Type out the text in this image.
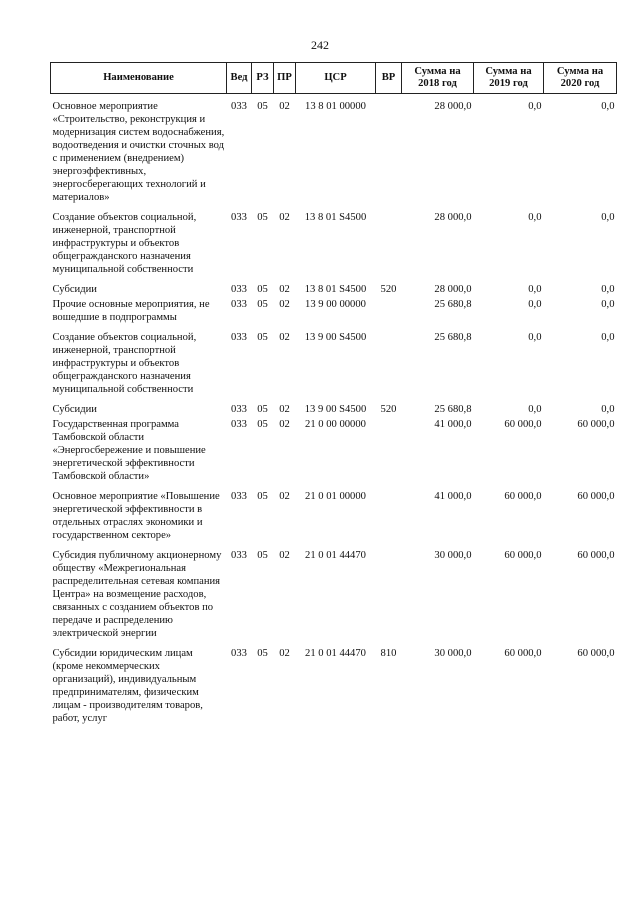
242
Наименование	Вед	РЗ	ПР	ЦСР	ВР	Сумма на 2018 год	Сумма на 2019 год	Сумма на 2020 год
Основное мероприятие «Строительство, реконструкция и модернизация систем водоснабжения, водоотведения и очистки сточных вод с применением (внедрением) энергоэффективных, энергосберегающих технологий и материалов»	033	05	02	13 8 01 00000		28 000,0	0,0	0,0
Создание объектов социальной, инженерной, транспортной инфраструктуры и объектов общегражданского назначения муниципальной собственности	033	05	02	13 8 01 S4500		28 000,0	0,0	0,0
Субсидии	033	05	02	13 8 01 S4500	520	28 000,0	0,0	0,0
Прочие основные мероприятия, не вошедшие в подпрограммы	033	05	02	13 9 00 00000		25 680,8	0,0	0,0
Создание объектов социальной, инженерной, транспортной инфраструктуры и объектов общегражданского назначения муниципальной собственности	033	05	02	13 9 00 S4500		25 680,8	0,0	0,0
Субсидии	033	05	02	13 9 00 S4500	520	25 680,8	0,0	0,0
Государственная программа Тамбовской области «Энергосбережение и повышение энергетической эффективности Тамбовской области»	033	05	02	21 0 00 00000		41 000,0	60 000,0	60 000,0
Основное мероприятие «Повышение энергетической эффективности в отдельных отраслях экономики и государственном секторе»	033	05	02	21 0 01 00000		41 000,0	60 000,0	60 000,0
Субсидия публичному акционерному обществу «Межрегиональная распределительная сетевая компания Центра» на возмещение расходов, связанных с созданием объектов по передаче и распределению электрической энергии	033	05	02	21 0 01 44470		30 000,0	60 000,0	60 000,0
Субсидии юридическим лицам (кроме некоммерческих организаций), индивидуальным предпринимателям, физическим лицам - производителям товаров, работ, услуг	033	05	02	21 0 01 44470	810	30 000,0	60 000,0	60 000,0
